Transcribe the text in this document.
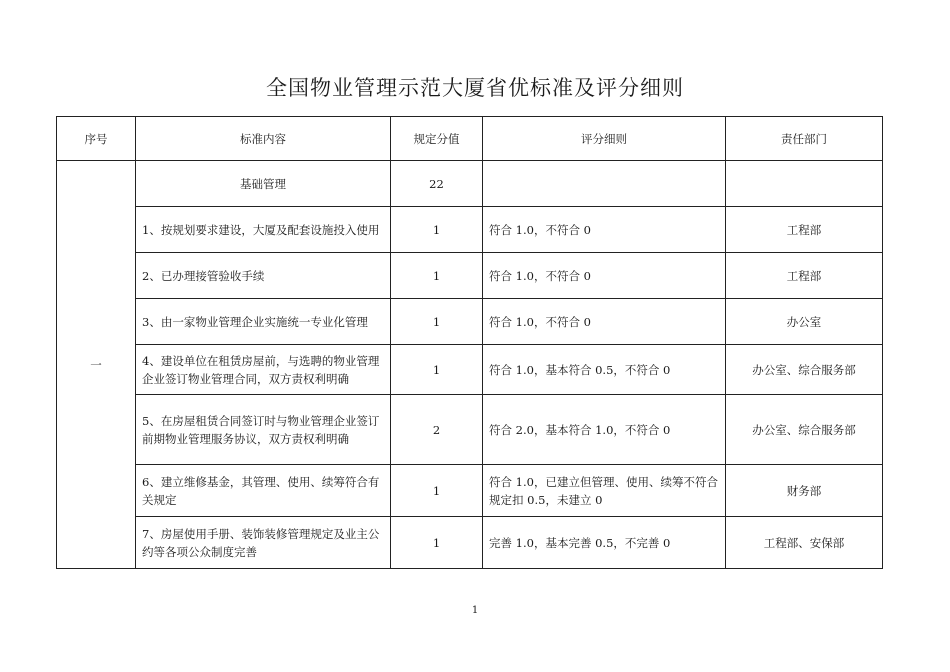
全国物业管理示范大厦省优标准及评分细则
序号	标准内容	规定分值	评分细则	责任部门
一	基础管理	22		
	1、按规划要求建设，大厦及配套设施投入使用	1	符合 1.0，不符合 0	工程部
	2、已办理接管验收手续	1	符合 1.0，不符合 0	工程部
	3、由一家物业管理企业实施统一专业化管理	1	符合 1.0，不符合 0	办公室
	4、建设单位在租赁房屋前，与选聘的物业管理企业签订物业管理合同，双方责权利明确	1	符合 1.0，基本符合 0.5，不符合 0	办公室、综合服务部
	5、在房屋租赁合同签订时与物业管理企业签订前期物业管理服务协议，双方责权利明确	2	符合 2.0，基本符合 1.0，不符合 0	办公室、综合服务部
	6、建立维修基金，其管理、使用、续筹符合有关规定	1	符合 1.0，已建立但管理、使用、续筹不符合规定扣 0.5，未建立 0	财务部
	7、房屋使用手册、装饰装修管理规定及业主公约等各项公众制度完善	1	完善 1.0，基本完善 0.5，不完善 0	工程部、安保部
1
